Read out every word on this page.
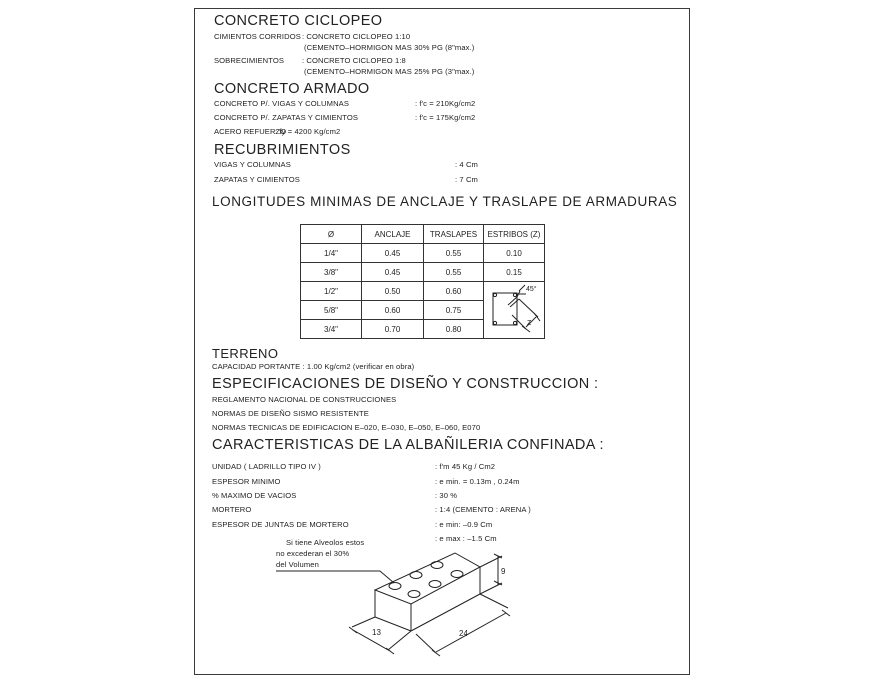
CONCRETO CICLOPEO
CIMIENTOS CORRIDOS : CONCRETO CICLOPEO 1:10
(CEMENTO–HORMIGON MAS 30% PG (8"max.)
SOBRECIMIENTOS : CONCRETO CICLOPEO 1:8
(CEMENTO–HORMIGON MAS 25% PG (3"max.)
CONCRETO ARMADO
CONCRETO P/. VIGAS Y COLUMNAS	: f'c = 210Kg/cm2
CONCRETO P/. ZAPATAS Y CIMIENTOS	: f'c = 175Kg/cm2
ACERO REFUERZO
: fy = 4200 Kg/cm2
RECUBRIMIENTOS
VIGAS Y COLUMNAS	: 4 Cm
ZAPATAS Y CIMIENTOS	: 7 Cm
LONGITUDES MINIMAS DE ANCLAJE Y TRASLAPE DE ARMADURAS
Ø	ANCLAJE	TRASLAPES	ESTRIBOS (Z)
1/4"	0.45	0.55	0.10
3/8"	0.45	0.55	0.15
1/2"	0.50	0.60	
5/8"	0.60	0.75	
3/4"	0.70	0.80	
45°
Z
TERRENO
CAPACIDAD PORTANTE : 1.00 Kg/cm2 (verificar en obra)
ESPECIFICACIONES DE DISEÑO Y CONSTRUCCION :
REGLAMENTO NACIONAL DE CONSTRUCCIONES
NORMAS DE DISEÑO SISMO RESISTENTE
NORMAS TECNICAS DE EDIFICACION E–020, E–030, E–050, E–060, E070
CARACTERISTICAS DE LA ALBAÑILERIA CONFINADA :
UNIDAD ( LADRILLO TIPO IV )	: f'm 45 Kg / Cm2
ESPESOR MINIMO	: e min. = 0.13m , 0.24m
% MAXIMO DE VACIOS	: 30 %
MORTERO	: 1:4 (CEMENTO : ARENA )
ESPESOR DE JUNTAS DE MORTERO	: e min: –0.9 Cm
: e max : –1.5 Cm
Si tiene Alveolos estos
no excederan el 30%
del Volumen
9
13	24
